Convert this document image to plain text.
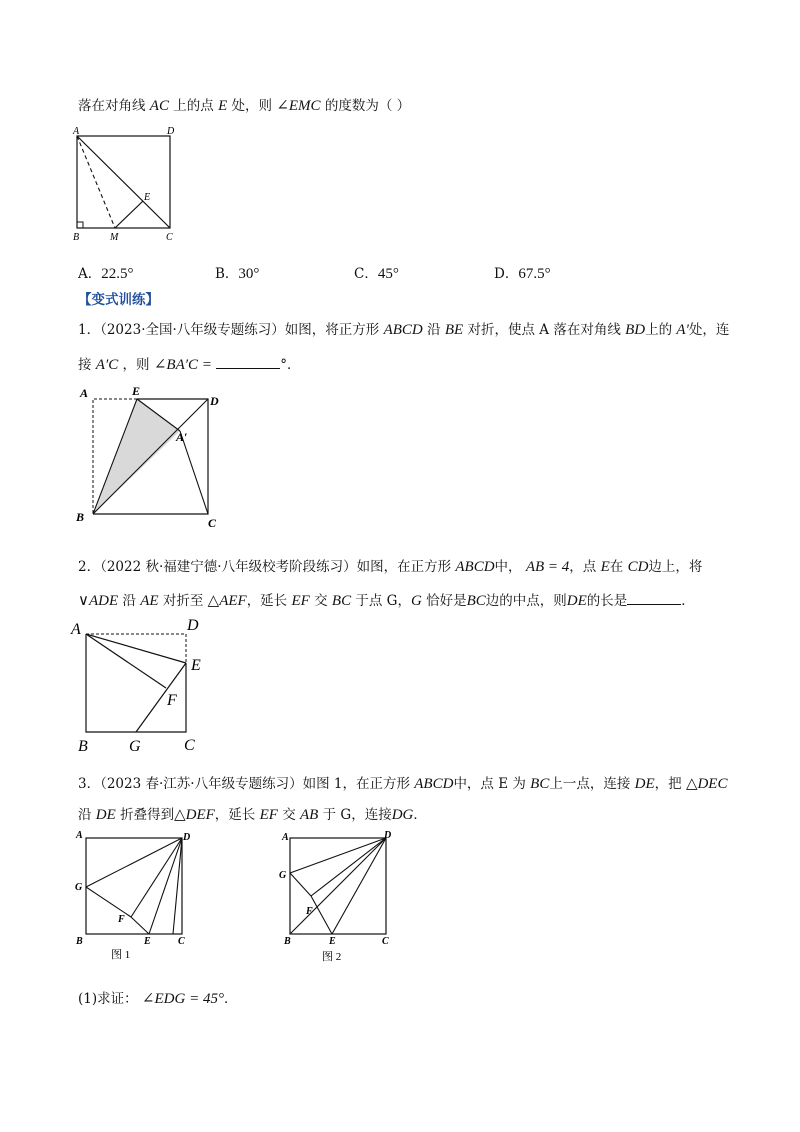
落在对角线 AC 上的点 E 处，则 ∠EMC 的度数为（ ）
A	D
B	M	C
E
A．22.5°	B．30°	C．45°	D．67.5°
【变式训练】
1．（2023·全国·八年级专题练习）如图，将正方形 ABCD 沿 BE 对折，使点 A 落在对角线 BD上的 A′处，连
接 A′C ，则 ∠BA′C =	°．
A	E
D
A′
B	C
2．（2022 秋·福建宁德·八年级校考阶段练习）如图，在正方形 ABCD中， AB = 4，点 E在 CD边上，将
∨ADE 沿 AE 对折至 △AEF，延长 EF 交 BC 于点 G，G 恰好是BC边的中点，则DE的长是	．
A	D
E
F
B	G	C
3．（2023 春·江苏·八年级专题练习）如图 1，在正方形 ABCD中，点 E 为 BC上一点，连接 DE，把 △DEC
沿 DE 折叠得到△DEF，延长 EF 交 AB 于 G，连接DG．
A	D
G
F
B	E	C
图 1
A	D
G
F
B	E	C
图 2
(1)求证： ∠EDG = 45°．
